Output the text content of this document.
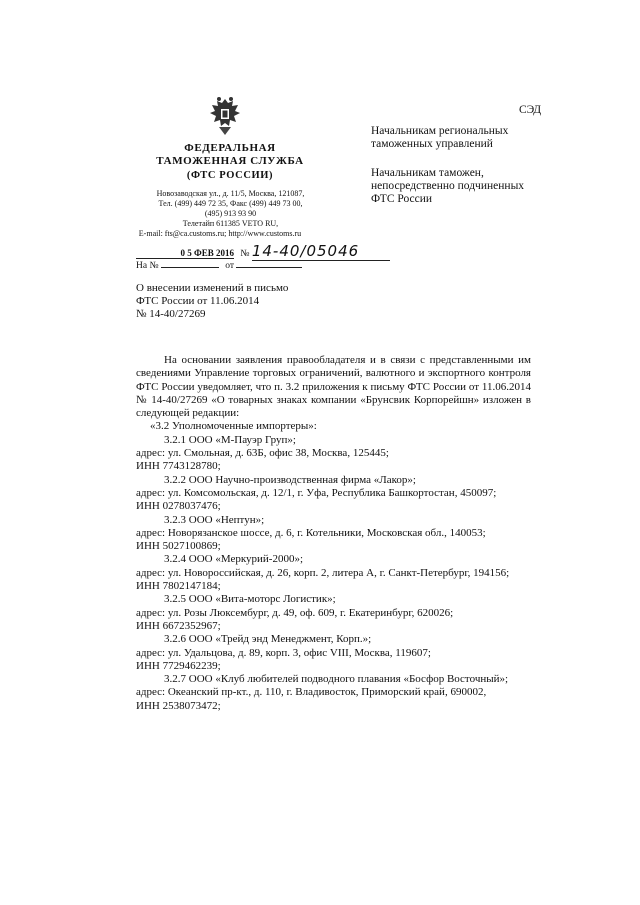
ФЕДЕРАЛЬНАЯ
ТАМОЖЕННАЯ СЛУЖБА
(ФТС РОССИИ)
Новозаводская ул., д. 11/5, Москва, 121087,
Тел. (499) 449 72 35, Факс (499) 449 73 00,
(495) 913 93 90
Телетайп 611385 VETO RU,
E-mail: fts@ca.customs.ru; http://www.customs.ru
0 5 ФЕВ 2016 № 14-40/05046
На №	от
СЭД
Начальникам региональных
таможенных управлений
Начальникам таможен,
непосредственно подчиненных
ФТС России
О внесении изменений в письмо
ФТС России от 11.06.2014
№ 14-40/27269

На основании заявления правообладателя и в связи с представленными им сведениями Управление торговых ограничений, валютного и экспортного контроля ФТС России уведомляет, что п. 3.2 приложения к письму ФТС России от 11.06.2014 № 14-40/27269 «О товарных знаках компании «Брунсвик Корпорейшн» изложен в следующей редакции:

«3.2 Уполномоченные импортеры»:

3.2.1 ООО «М-Пауэр Груп»;

адрес: ул. Смольная, д. 63Б, офис 38, Москва, 125445;

ИНН 7743128780;

3.2.2 ООО Научно-производственная фирма «Лакор»;

адрес: ул. Комсомольская, д. 12/1, г. Уфа, Республика Башкортостан, 450097;

ИНН 0278037476;

3.2.3 ООО «Нептун»;

адрес: Новорязанское шоссе, д. 6, г. Котельники, Московская обл., 140053;

ИНН 5027100869;

3.2.4 ООО «Меркурий-2000»;

адрес: ул. Новороссийская, д. 26, корп. 2, литера А, г. Санкт-Петербург, 194156;

ИНН 7802147184;

3.2.5 ООО «Вита-моторс Логистик»;

адрес: ул. Розы Люксембург, д. 49, оф. 609, г. Екатеринбург, 620026;

ИНН 6672352967;

3.2.6 ООО «Трейд энд Менеджмент, Корп.»;

адрес: ул. Удальцова, д. 89, корп. 3, офис VIII, Москва, 119607;

ИНН 7729462239;

3.2.7 ООО «Клуб любителей подводного плавания «Босфор Восточный»;

адрес: Океанский пр-кт., д. 110, г. Владивосток, Приморский край, 690002,

ИНН 2538073472;
